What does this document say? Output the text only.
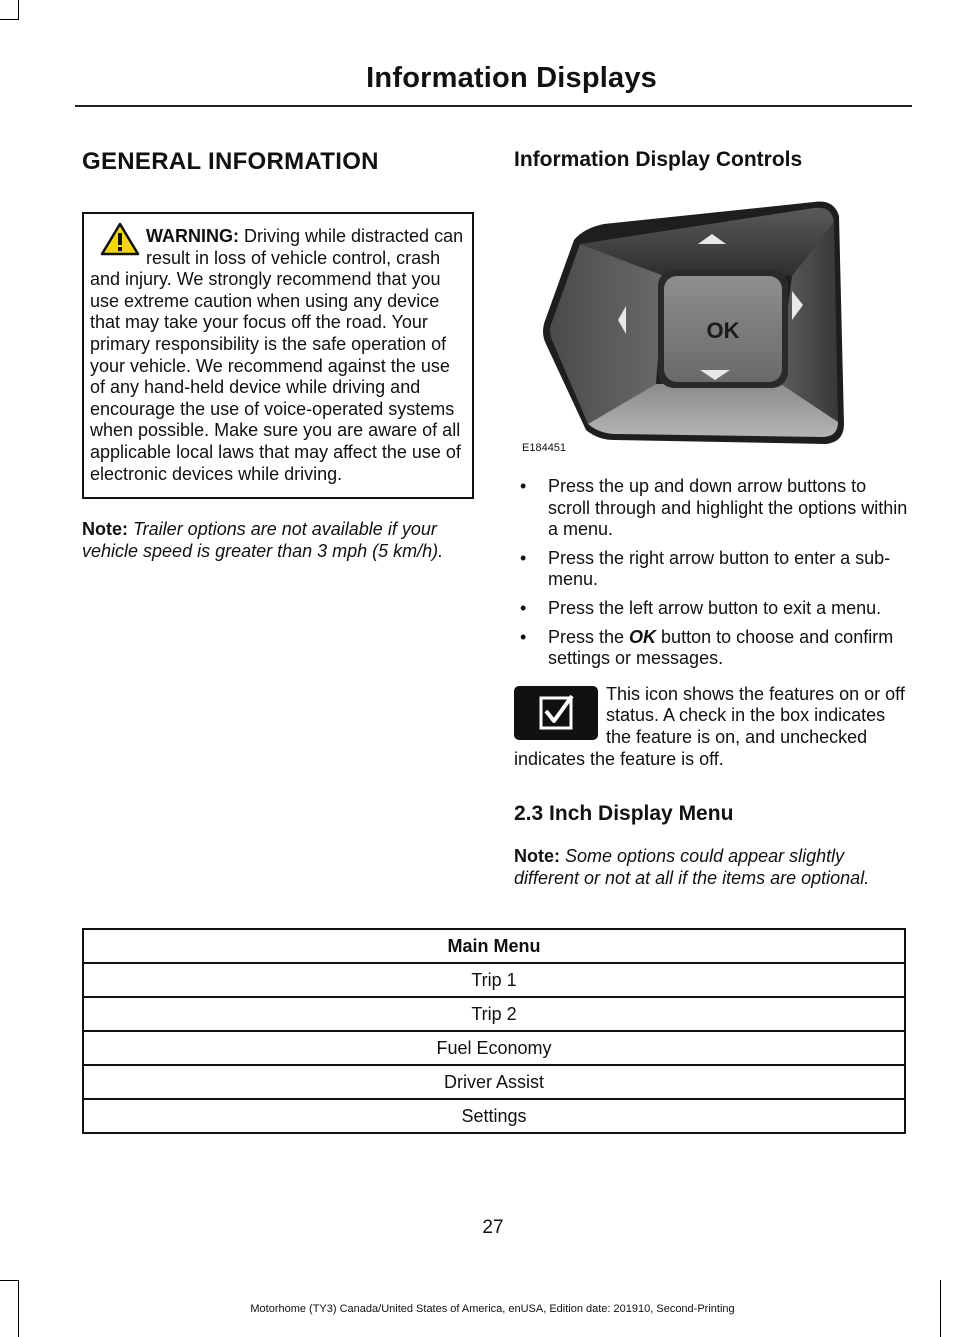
Information Displays
GENERAL INFORMATION
WARNING: Driving while distracted can result in loss of vehicle control, crash and injury. We strongly recommend that you use extreme caution when using any device that may take your focus off the road. Your primary responsibility is the safe operation of your vehicle. We recommend against the use of any hand-held device while driving and encourage the use of voice-operated systems when possible. Make sure you are aware of all applicable local laws that may affect the use of electronic devices while driving.

Note: Trailer options are not available if your vehicle speed is greater than 3 mph (5 km/h).

Information Display Controls
OK
E184451
• Press the up and down arrow buttons to scroll through and highlight the options within a menu.
• Press the right arrow button to enter a sub-menu.
• Press the left arrow button to exit a menu.
• Press the OK button to choose and confirm settings or messages.

This icon shows the features on or off status. A check in the box indicates the feature is on, and unchecked indicates the feature is off.

2.3 Inch Display Menu

Note: Some options could appear slightly different or not at all if the items are optional.

Main Menu
Trip 1
Trip 2
Fuel Economy
Driver Assist
Settings
27
Motorhome (TY3) Canada/United States of America, enUSA, Edition date: 201910, Second-Printing
